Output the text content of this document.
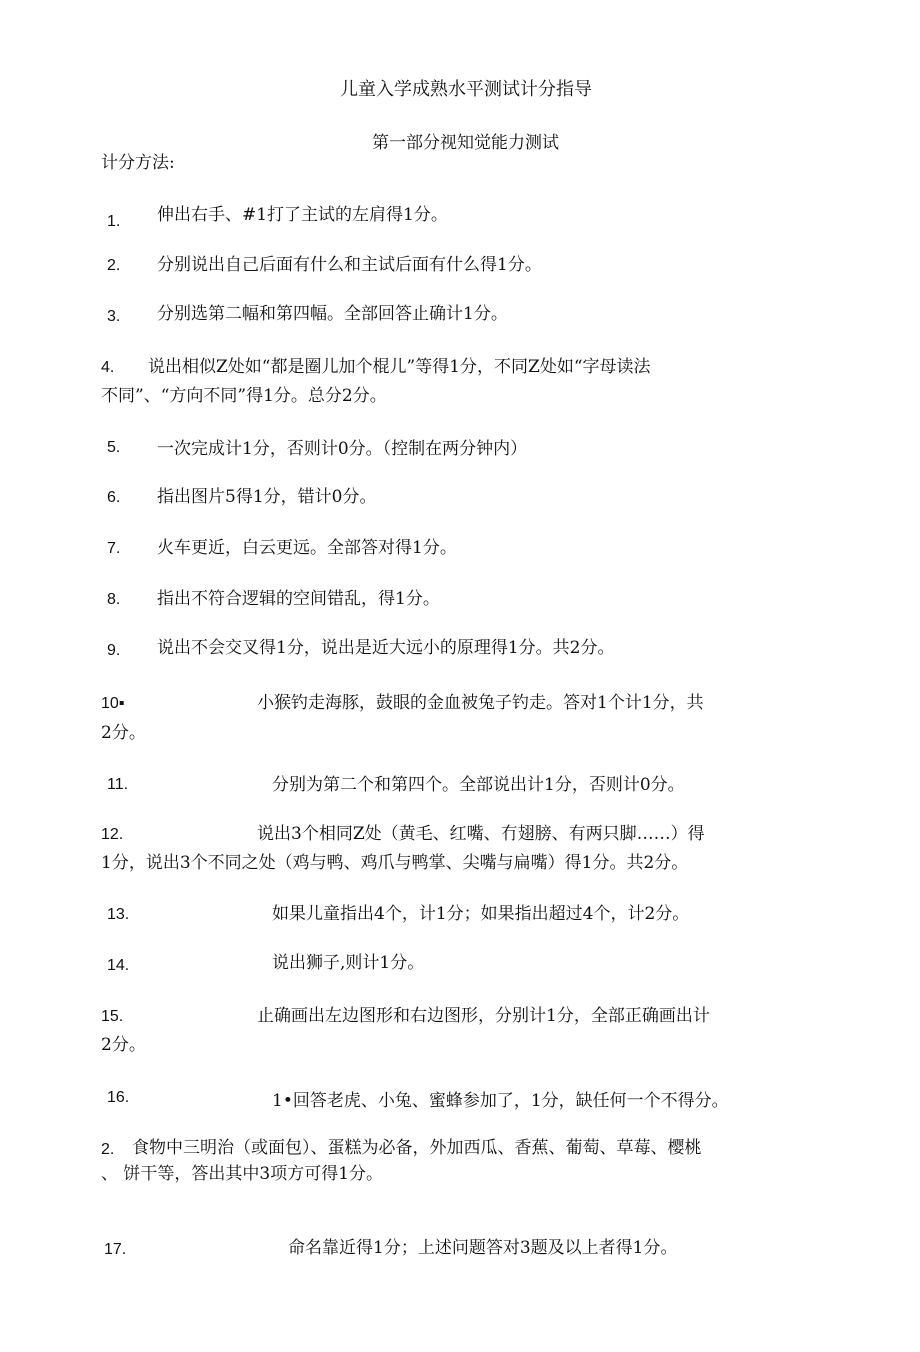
儿童入学成熟水平测试计分指导
第一部分视知觉能力测试
计分方法:
1. 伸出右手、#1打了主试的左肩得1分。
2. 分别说出自己后面有什么和主试后面有什么得1分。
3. 分别选第二幅和第四幅。全部回答止确计1分。
4. 说出相似Z处如“都是圈儿加个棍儿”等得1分，不同Z处如“字母读法
不同”、“方向不同”得1分。总分2分。
5. 一次完成计1分，否则计0分。（控制在两分钟内）
6. 指出图片5得1分，错计0分。
7. 火车更近，白云更远。全部答对得1分。
8. 指出不符合逻辑的空间错乱，得1分。
9. 说出不会交叉得1分，说出是近大远小的原理得1分。共2分。
10▪	小猴钓走海豚，鼓眼的金血被兔子钓走。答对1个计1分，共
2分。
11.	分别为第二个和第四个。全部说出计1分，否则计0分。
12.	说出3个相同Z处（黄毛、红嘴、冇翅膀、有两只脚……）得
1分，说出3个不同之处（鸡与鸭、鸡爪与鸭掌、尖嘴与扁嘴）得1分。共2分。
13.	如果儿童指出4个，计1分；如果指出超过4个，计2分。
14.	说出狮子,则计1分。
15.	止确画出左边图形和右边图形，分别计1分，全部正确画出计
2分。
16.	1•回答老虎、小兔、蜜蜂参加了，1分，缺任何一个不得分。
2. 食物中三明治（或面包）、蛋糕为必备，外加西瓜、香蕉、葡萄、草莓、樱桃
、 饼干等，答出其中3项方可得1分。
17.	命名靠近得1分；上述问题答对3题及以上者得1分。
